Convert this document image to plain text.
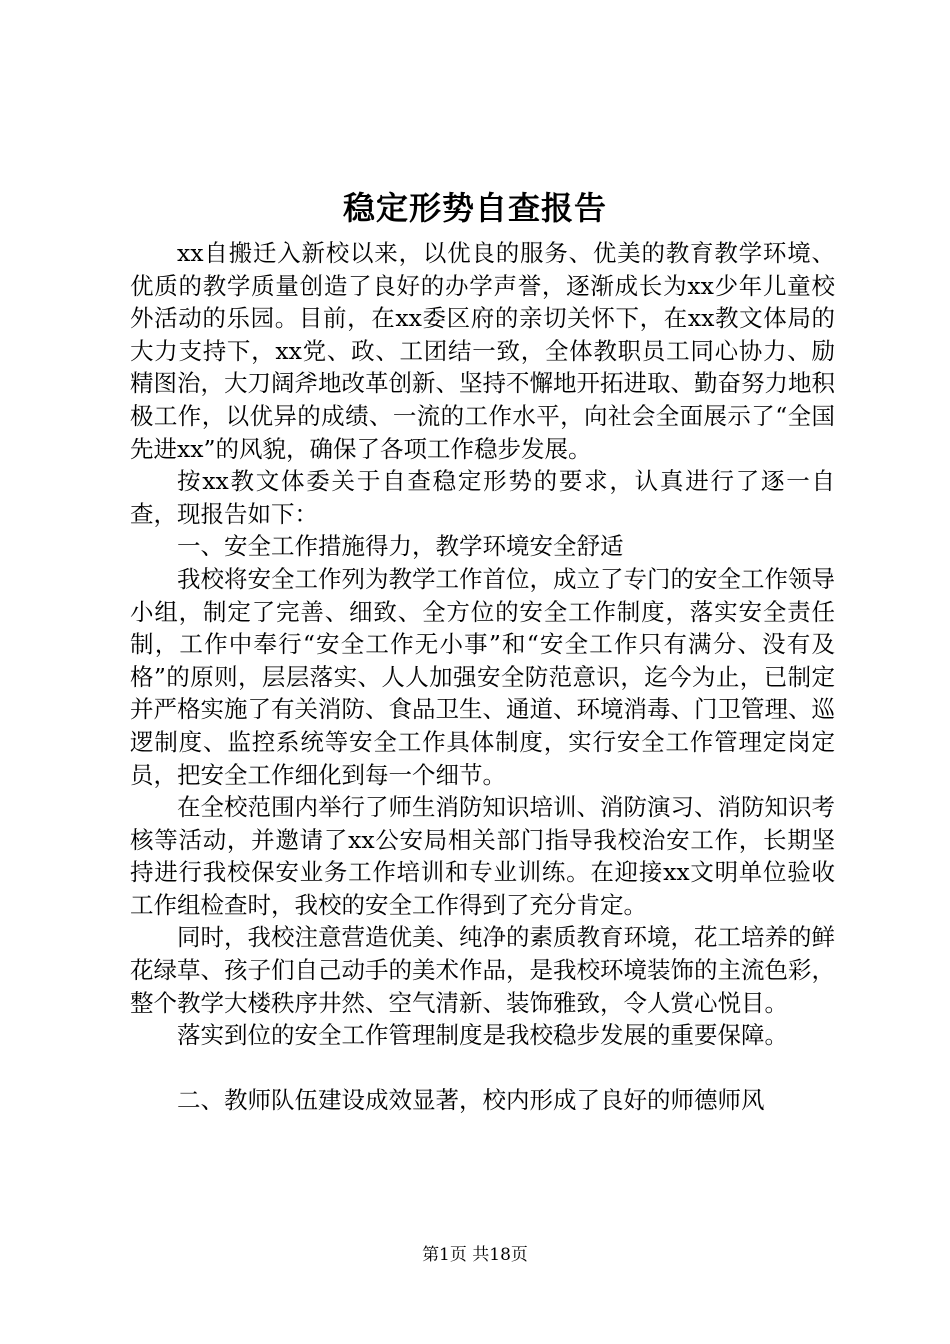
稳定形势自查报告

xx自搬迁入新校以来，以优良的服务、优美的教育教学环境、优质的教学质量创造了良好的办学声誉，逐渐成长为xx少年儿童校外活动的乐园。目前，在xx委区府的亲切关怀下，在xx教文体局的大力支持下，xx党、政、工团结一致，全体教职员工同心协力、励精图治，大刀阔斧地改革创新、坚持不懈地开拓进取、勤奋努力地积极工作，以优异的成绩、一流的工作水平，向社会全面展示了“全国先进xx”的风貌，确保了各项工作稳步发展。

按xx教文体委关于自查稳定形势的要求，认真进行了逐一自查，现报告如下：

一、安全工作措施得力，教学环境安全舒适

我校将安全工作列为教学工作首位，成立了专门的安全工作领导小组，制定了完善、细致、全方位的安全工作制度，落实安全责任制，工作中奉行“安全工作无小事”和“安全工作只有满分、没有及格”的原则，层层落实、人人加强安全防范意识，迄今为止，已制定并严格实施了有关消防、食品卫生、通道、环境消毒、门卫管理、巡逻制度、监控系统等安全工作具体制度，实行安全工作管理定岗定员，把安全工作细化到每一个细节。

在全校范围内举行了师生消防知识培训、消防演习、消防知识考核等活动，并邀请了xx公安局相关部门指导我校治安工作，长期坚持进行我校保安业务工作培训和专业训练。在迎接xx文明单位验收工作组检查时，我校的安全工作得到了充分肯定。

同时，我校注意营造优美、纯净的素质教育环境，花工培养的鲜花绿草、孩子们自己动手的美术作品，是我校环境装饰的主流色彩，整个教学大楼秩序井然、空气清新、装饰雅致，令人赏心悦目。

落实到位的安全工作管理制度是我校稳步发展的重要保障。

二、教师队伍建设成效显著，校内形成了良好的师德师风

第1页 共18页
